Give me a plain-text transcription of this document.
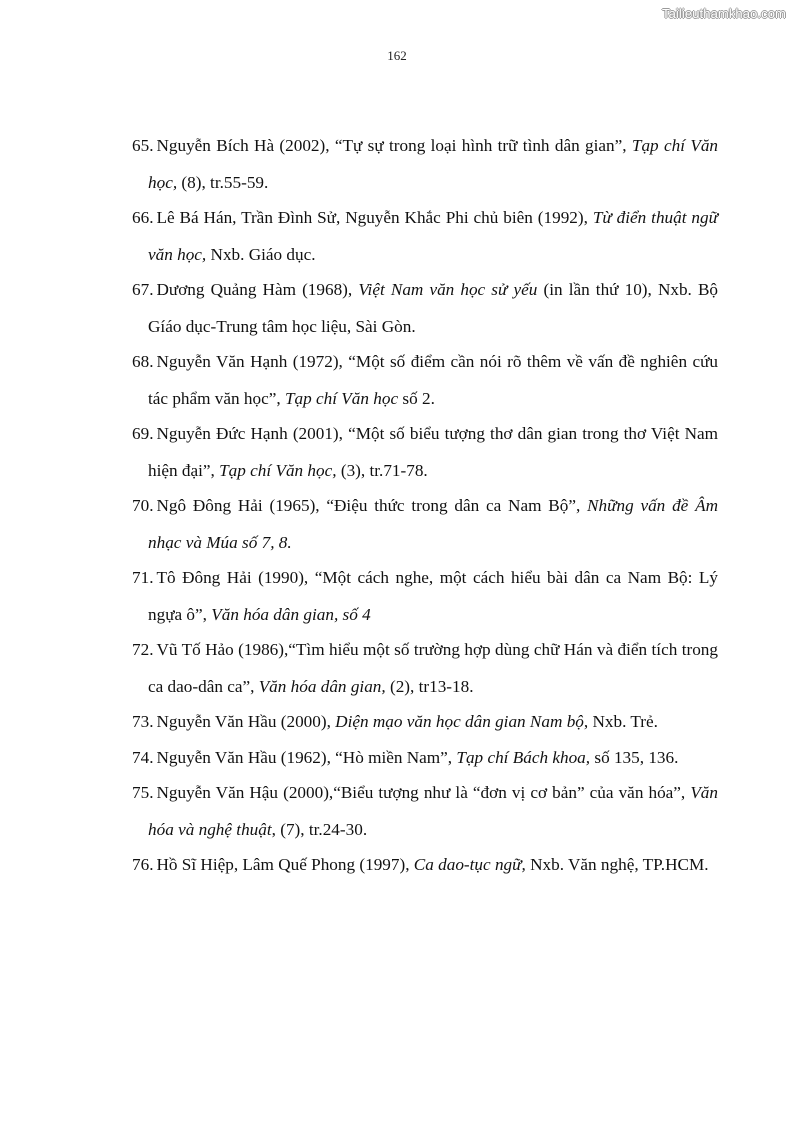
Tailieuthamkhao.com
162
65. Nguyễn Bích Hà (2002), “Tự sự trong loại hình trữ tình dân gian”, Tạp chí Văn học, (8), tr.55-59.
66. Lê Bá Hán, Trần Đình Sử, Nguyễn Khắc Phi chủ biên (1992), Từ điển thuật ngữ văn học, Nxb. Giáo dục.
67. Dương Quảng Hàm (1968), Việt Nam văn học sử yếu (in lần thứ 10), Nxb. Bộ Gíáo dục-Trung tâm học liệu, Sài Gòn.
68. Nguyễn Văn Hạnh (1972), “Một số điểm cần nói rõ thêm về vấn đề nghiên cứu tác phẩm văn học”, Tạp chí Văn học số 2.
69. Nguyễn Đức Hạnh (2001), “Một số biểu tượng thơ dân gian trong thơ Việt Nam hiện đại”, Tạp chí Văn học, (3), tr.71-78.
70. Ngô Đông Hải (1965), “Điệu thức trong dân ca Nam Bộ”, Những vấn đề Âm nhạc và Múa số 7, 8.
71. Tô Đông Hải (1990), “Một cách nghe, một cách hiểu bài dân ca Nam Bộ: Lý ngựa ô”, Văn hóa dân gian, số 4
72. Vũ Tố Hảo (1986),“Tìm hiểu một số trường hợp dùng chữ Hán và điển tích trong ca dao-dân ca”, Văn hóa dân gian, (2), tr13-18.
73. Nguyễn Văn Hầu (2000), Diện mạo văn học dân gian Nam bộ, Nxb. Trẻ.
74. Nguyễn Văn Hầu (1962), “Hò miền Nam”, Tạp chí Bách khoa, số 135, 136.
75. Nguyễn Văn Hậu (2000),“Biểu tượng như là “đơn vị cơ bản” của văn hóa”, Văn hóa và nghệ thuật, (7), tr.24-30.
76. Hồ Sĩ Hiệp, Lâm Quế Phong (1997), Ca dao-tục ngữ, Nxb. Văn nghệ, TP.HCM.
